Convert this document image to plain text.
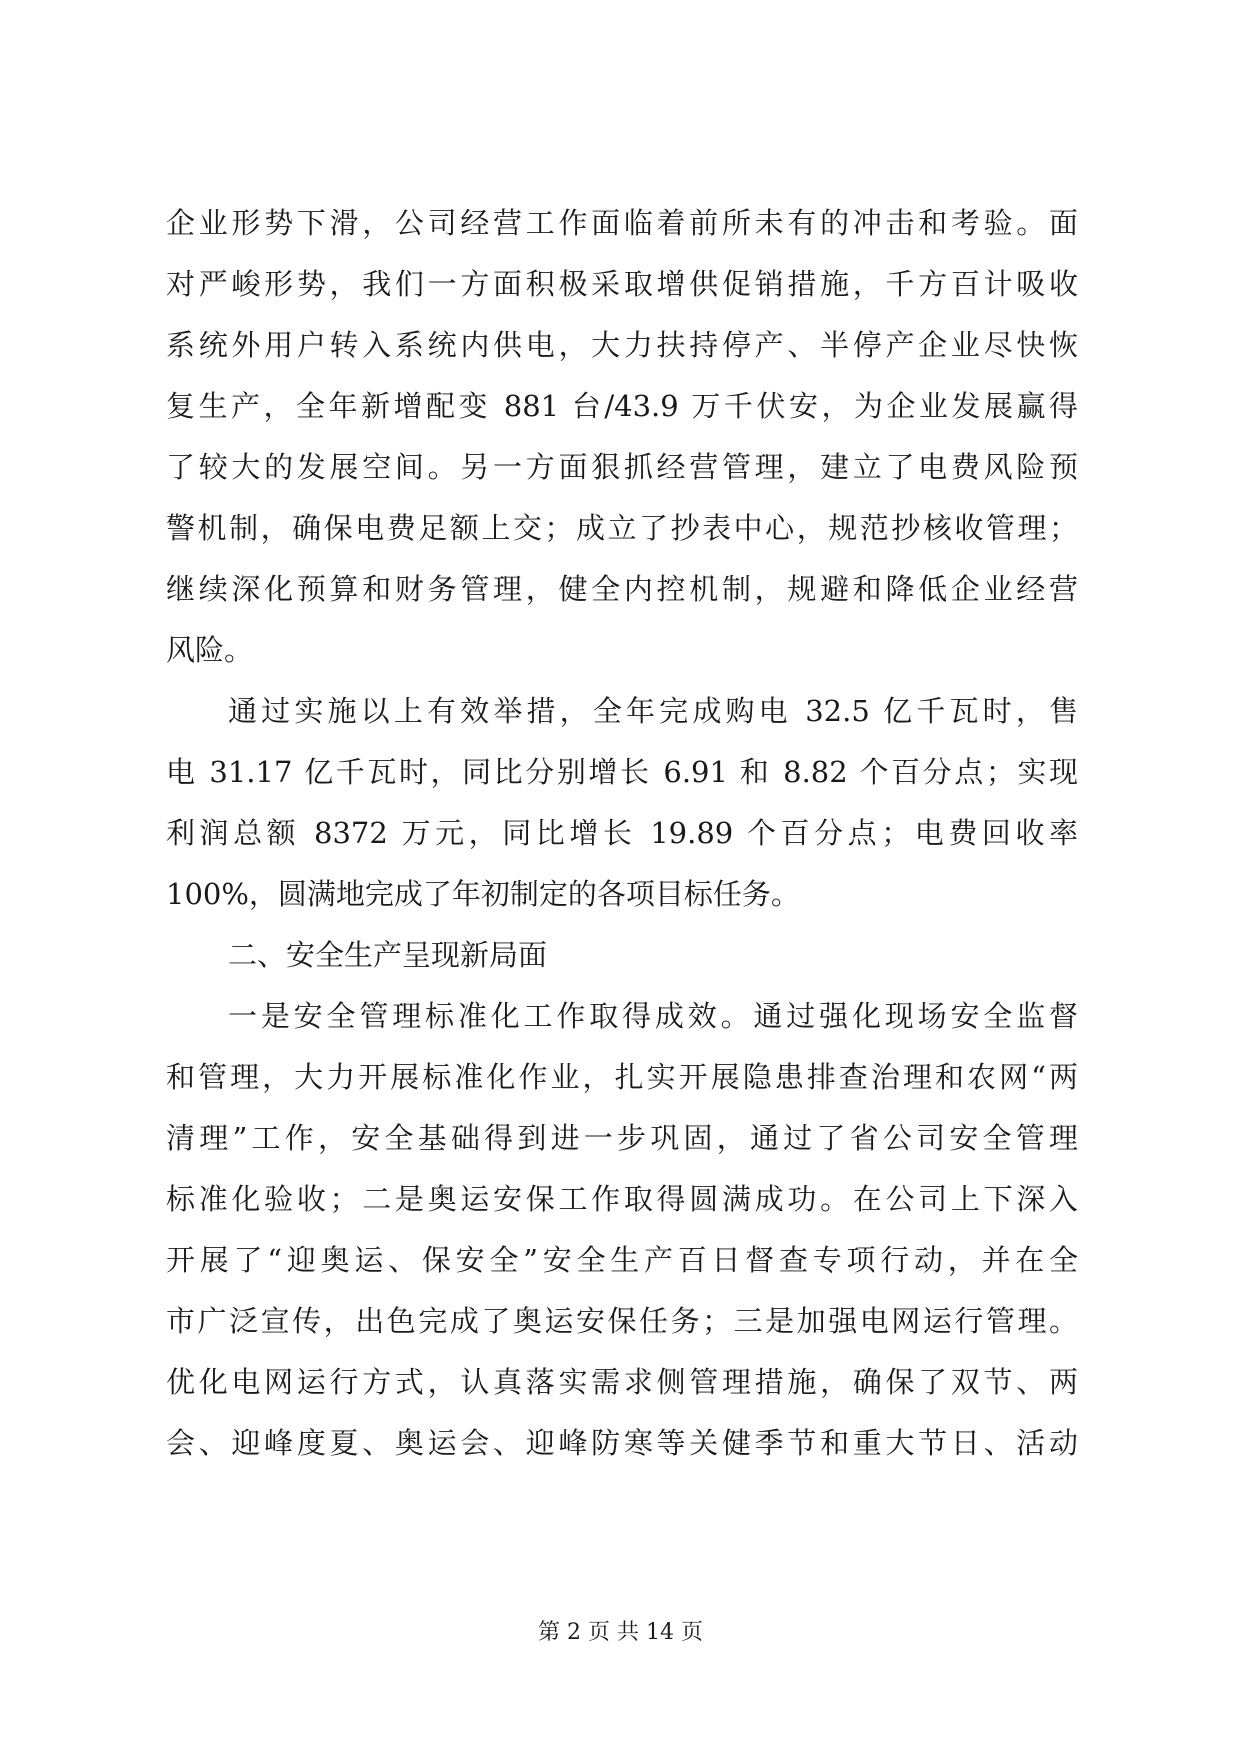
企业形势下滑，公司经营工作面临着前所未有的冲击和考验。面
对严峻形势，我们一方面积极采取增供促销措施，千方百计吸收
系统外用户转入系统内供电，大力扶持停产、半停产企业尽快恢
复生产，全年新增配变 881 台/43.9 万千伏安，为企业发展赢得
了较大的发展空间。另一方面狠抓经营管理，建立了电费风险预
警机制，确保电费足额上交；成立了抄表中心，规范抄核收管理；
继续深化预算和财务管理，健全内控机制，规避和降低企业经营
风险。
通过实施以上有效举措，全年完成购电 32.5 亿千瓦时，售
电 31.17 亿千瓦时，同比分别增长 6.91 和 8.82 个百分点；实现
利润总额 8372 万元，同比增长 19.89 个百分点；电费回收率
100%，圆满地完成了年初制定的各项目标任务。
二、安全生产呈现新局面
一是安全管理标准化工作取得成效。通过强化现场安全监督
和管理，大力开展标准化作业，扎实开展隐患排查治理和农网“两
清理”工作，安全基础得到进一步巩固，通过了省公司安全管理
标准化验收；二是奥运安保工作取得圆满成功。在公司上下深入
开展了“迎奥运、保安全”安全生产百日督查专项行动，并在全
市广泛宣传，出色完成了奥运安保任务；三是加强电网运行管理。
优化电网运行方式，认真落实需求侧管理措施，确保了双节、两
会、迎峰度夏、奥运会、迎峰防寒等关健季节和重大节日、活动
第 2 页 共 14 页
